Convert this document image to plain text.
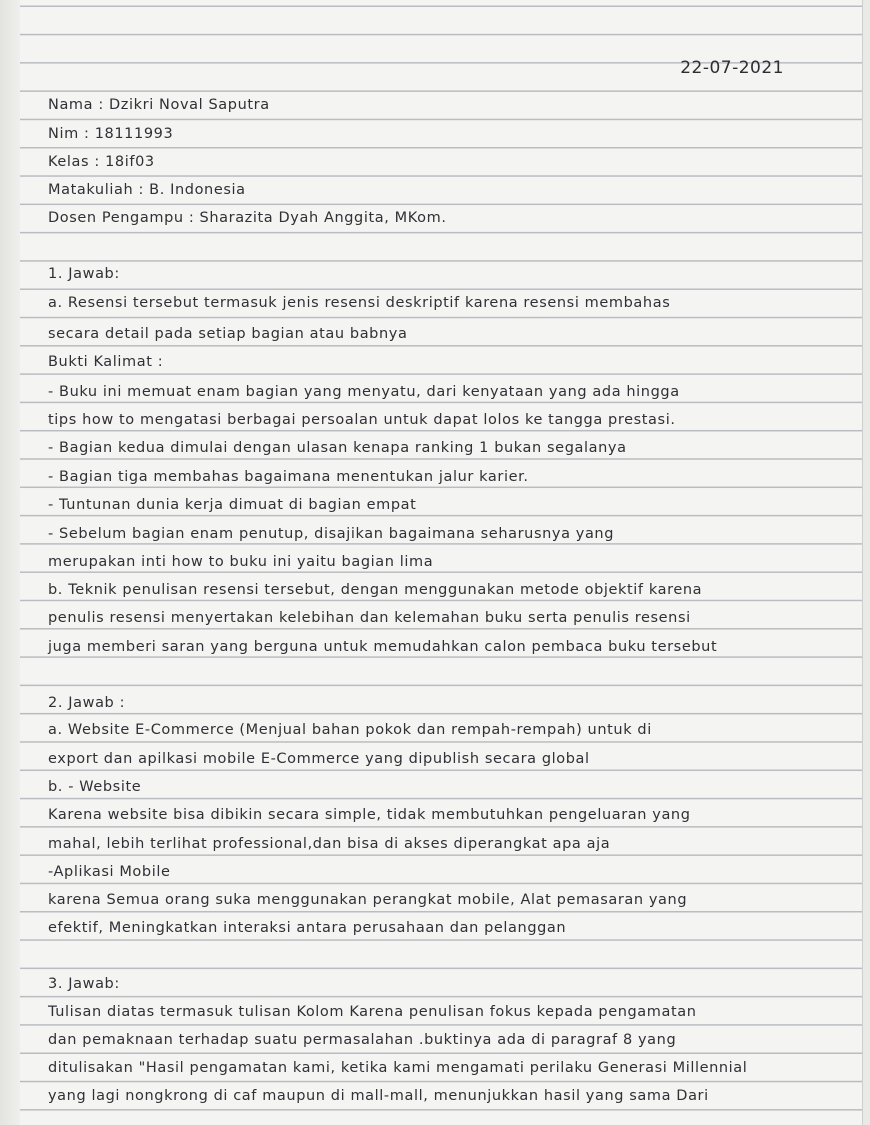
22-07-2021
Nama : Dzikri Noval Saputra
Nim : 18111993
Kelas : 18if03
Matakuliah : B. Indonesia
Dosen Pengampu : Sharazita Dyah Anggita, MKom.
1. Jawab:
a. Resensi tersebut termasuk jenis resensi deskriptif karena resensi membahas
secara detail pada setiap bagian atau babnya
Bukti Kalimat :
- Buku ini memuat enam bagian yang menyatu, dari kenyataan yang ada hingga
tips how to mengatasi berbagai persoalan untuk dapat lolos ke tangga prestasi.
- Bagian kedua dimulai dengan ulasan kenapa ranking 1 bukan segalanya
- Bagian tiga membahas bagaimana menentukan jalur karier.
- Tuntunan dunia kerja dimuat di bagian empat
- Sebelum bagian enam penutup, disajikan bagaimana seharusnya yang
merupakan inti how to buku ini yaitu bagian lima
b. Teknik penulisan resensi tersebut, dengan menggunakan metode objektif karena
penulis resensi menyertakan kelebihan dan kelemahan buku serta penulis resensi
juga memberi saran yang berguna untuk memudahkan calon pembaca buku tersebut
2. Jawab :
a. Website E-Commerce (Menjual bahan pokok dan rempah-rempah) untuk di
export dan apilkasi mobile E-Commerce yang dipublish secara global
b. - Website
Karena website bisa dibikin secara simple, tidak membutuhkan pengeluaran yang
mahal, lebih terlihat professional,dan bisa di akses diperangkat apa aja
-Aplikasi Mobile
karena Semua orang suka menggunakan perangkat mobile, Alat pemasaran yang
efektif, Meningkatkan interaksi antara perusahaan dan pelanggan
3. Jawab:
Tulisan diatas termasuk tulisan Kolom Karena penulisan fokus kepada pengamatan
dan pemaknaan terhadap suatu permasalahan .buktinya ada di paragraf 8 yang
ditulisakan "Hasil pengamatan kami, ketika kami mengamati perilaku Generasi Millennial
yang lagi nongkrong di caf maupun di mall-mall, menunjukkan hasil yang sama Dari
